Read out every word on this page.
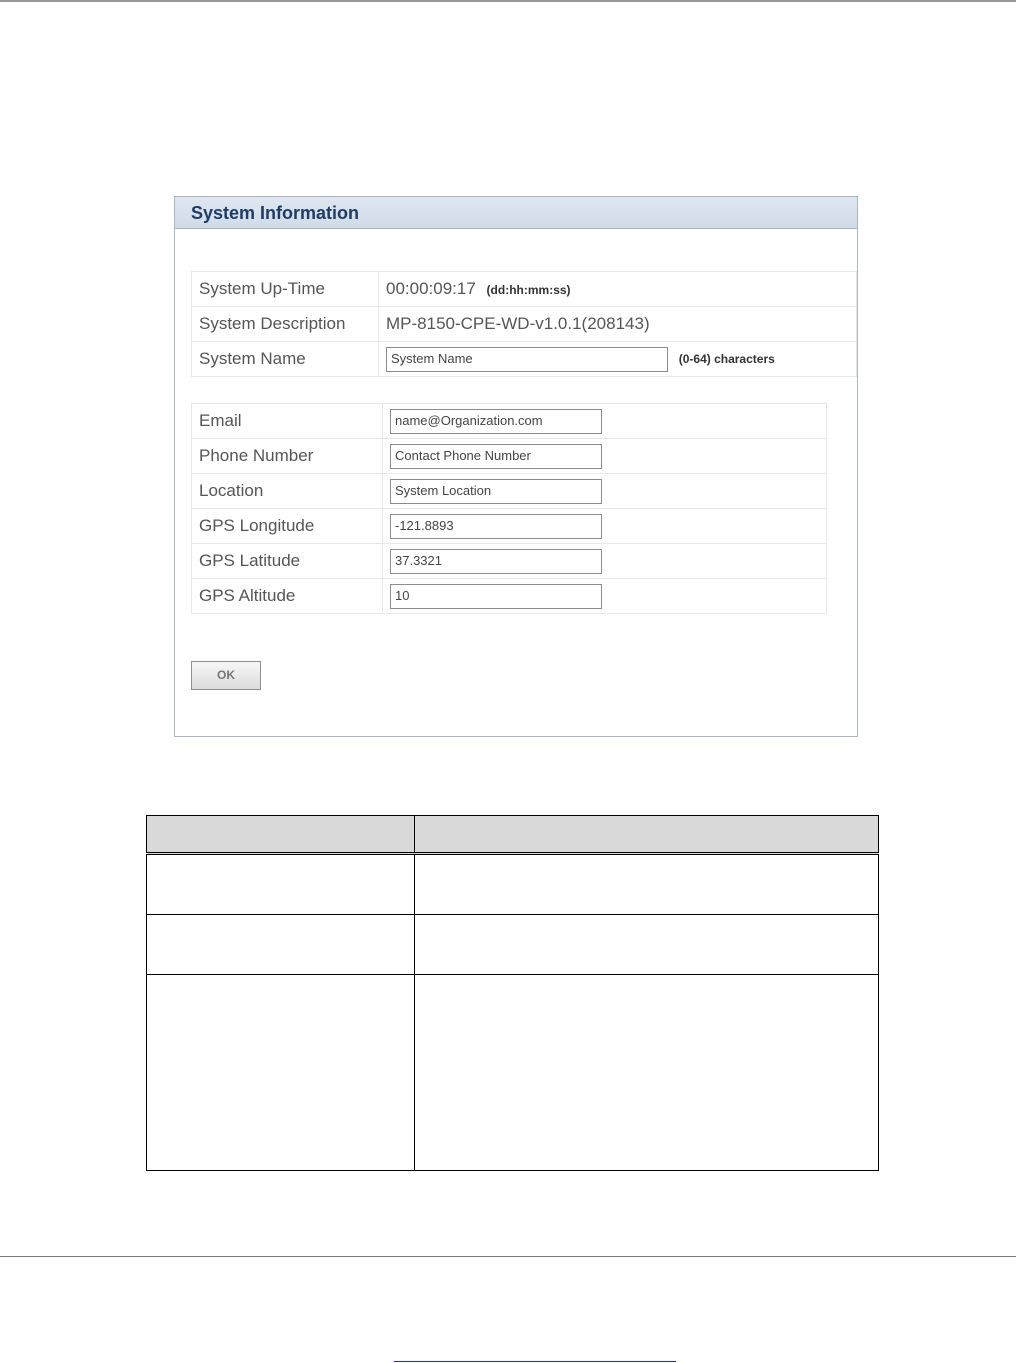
System Information
System Up-Time	00:00:09:17 (dd:hh:mm:ss)
System Description	MP-8150-CPE-WD-v1.0.1(208143)
System Name	System Name (0-64) characters
Email	name@Organization.com
Phone Number	Contact Phone Number
Location	System Location
GPS Longitude	-121.8893
GPS Latitude	37.3321
GPS Altitude	10
OK
